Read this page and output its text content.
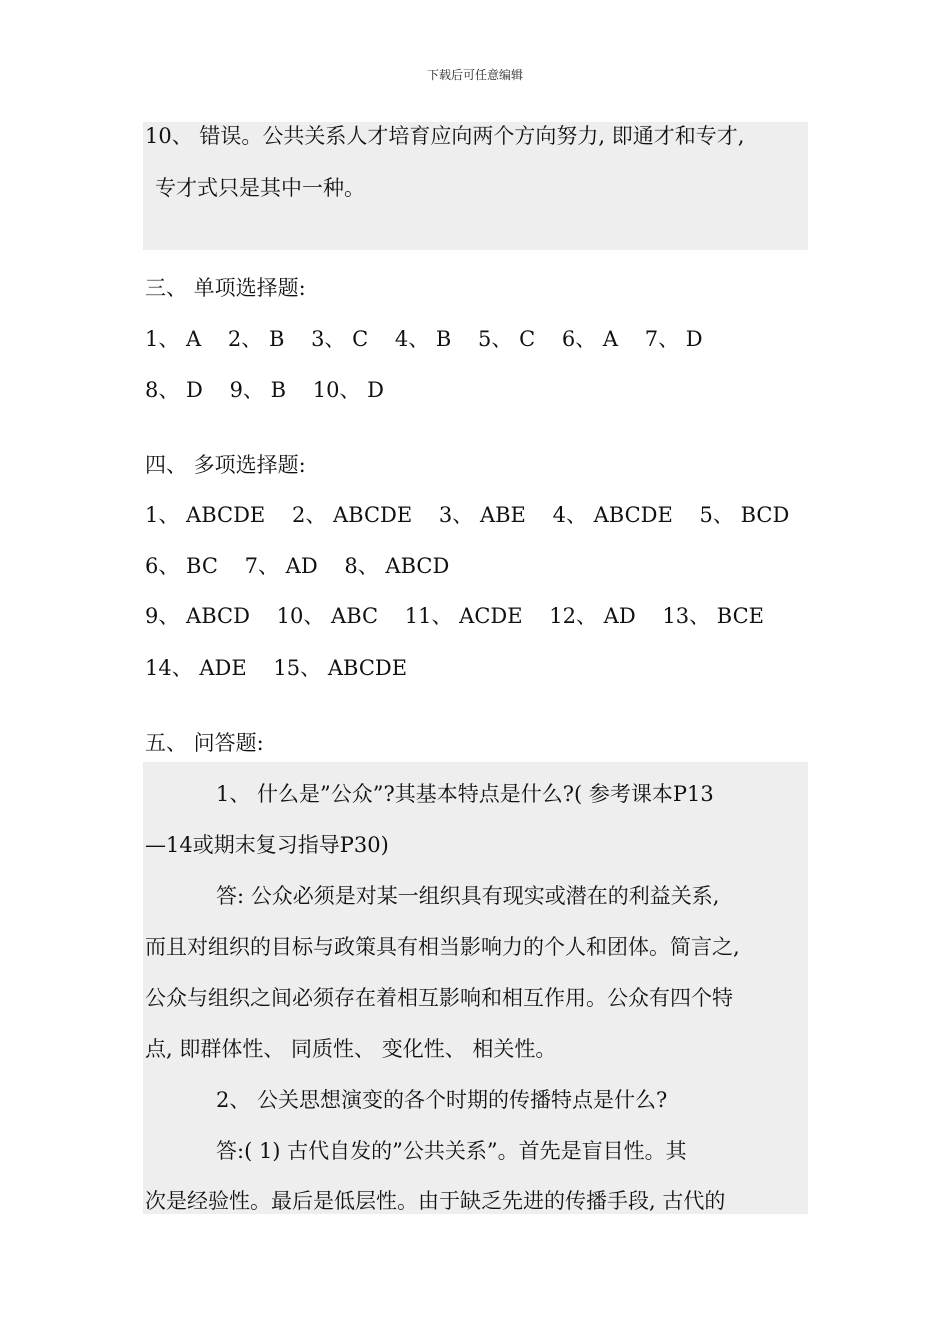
下载后可任意编辑
10、 错误。公共关系人才培育应向两个方向努力, 即通才和专才,
专才式只是其中一种。
三、 单项选择题:
1、 A    2、 B    3、 C    4、 B    5、 C    6、 A    7、 D
8、 D    9、 B    10、 D
四、 多项选择题:
1、 ABCDE    2、 ABCDE    3、 ABE    4、 ABCDE    5、 BCD
6、 BC    7、 AD    8、 ABCD
9、 ABCD    10、 ABC    11、 ACDE    12、 AD    13、 BCE
14、 ADE    15、 ABCDE
五、 问答题:
1、 什么是”公众”?其基本特点是什么?( 参考课本P13
—14或期末复习指导P30)
答: 公众必须是对某一组织具有现实或潜在的利益关系,
而且对组织的目标与政策具有相当影响力的个人和团体。简言之,
公众与组织之间必须存在着相互影响和相互作用。公众有四个特
点, 即群体性、 同质性、 变化性、 相关性。
2、 公关思想演变的各个时期的传播特点是什么?
答:( 1) 古代自发的”公共关系”。首先是盲目性。其
次是经验性。最后是低层性。由于缺乏先进的传播手段, 古代的
